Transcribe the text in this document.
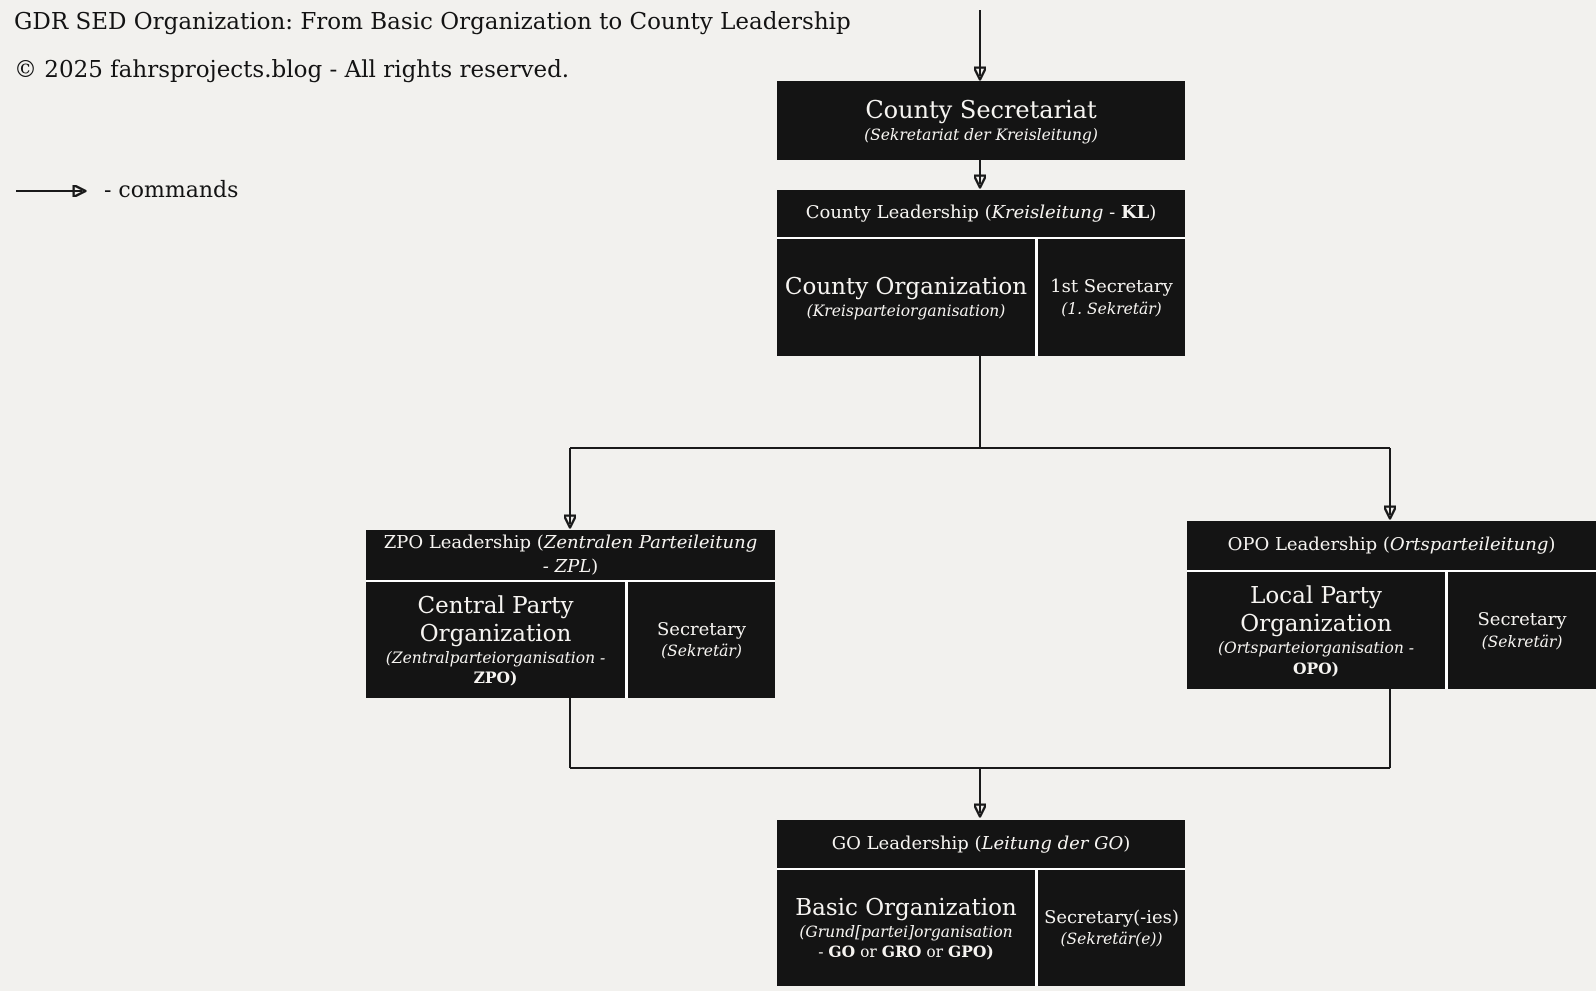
GDR SED Organization: From Basic Organization to County Leadership
© 2025 fahrsprojects.blog - All rights reserved.
- commands
County Secretariat
(Sekretariat der Kreisleitung)
County Leadership (Kreisleitung - KL)
County Organization
(Kreisparteiorganisation)
1st Secretary
(1. Sekretär)
ZPO Leadership (Zentralen Parteileitung
- ZPL)
Central Party Organization
(Zentralparteiorganisation -
ZPO)
Secretary
(Sekretär)
OPO Leadership (Ortsparteileitung)
Local Party Organization
(Ortsparteiorganisation -
OPO)
Secretary
(Sekretär)
GO Leadership (Leitung der GO)
Basic Organization
(Grund[partei]organisation
- GO or GRO or GPO)
Secretary(-ies)
(Sekretär(e))
